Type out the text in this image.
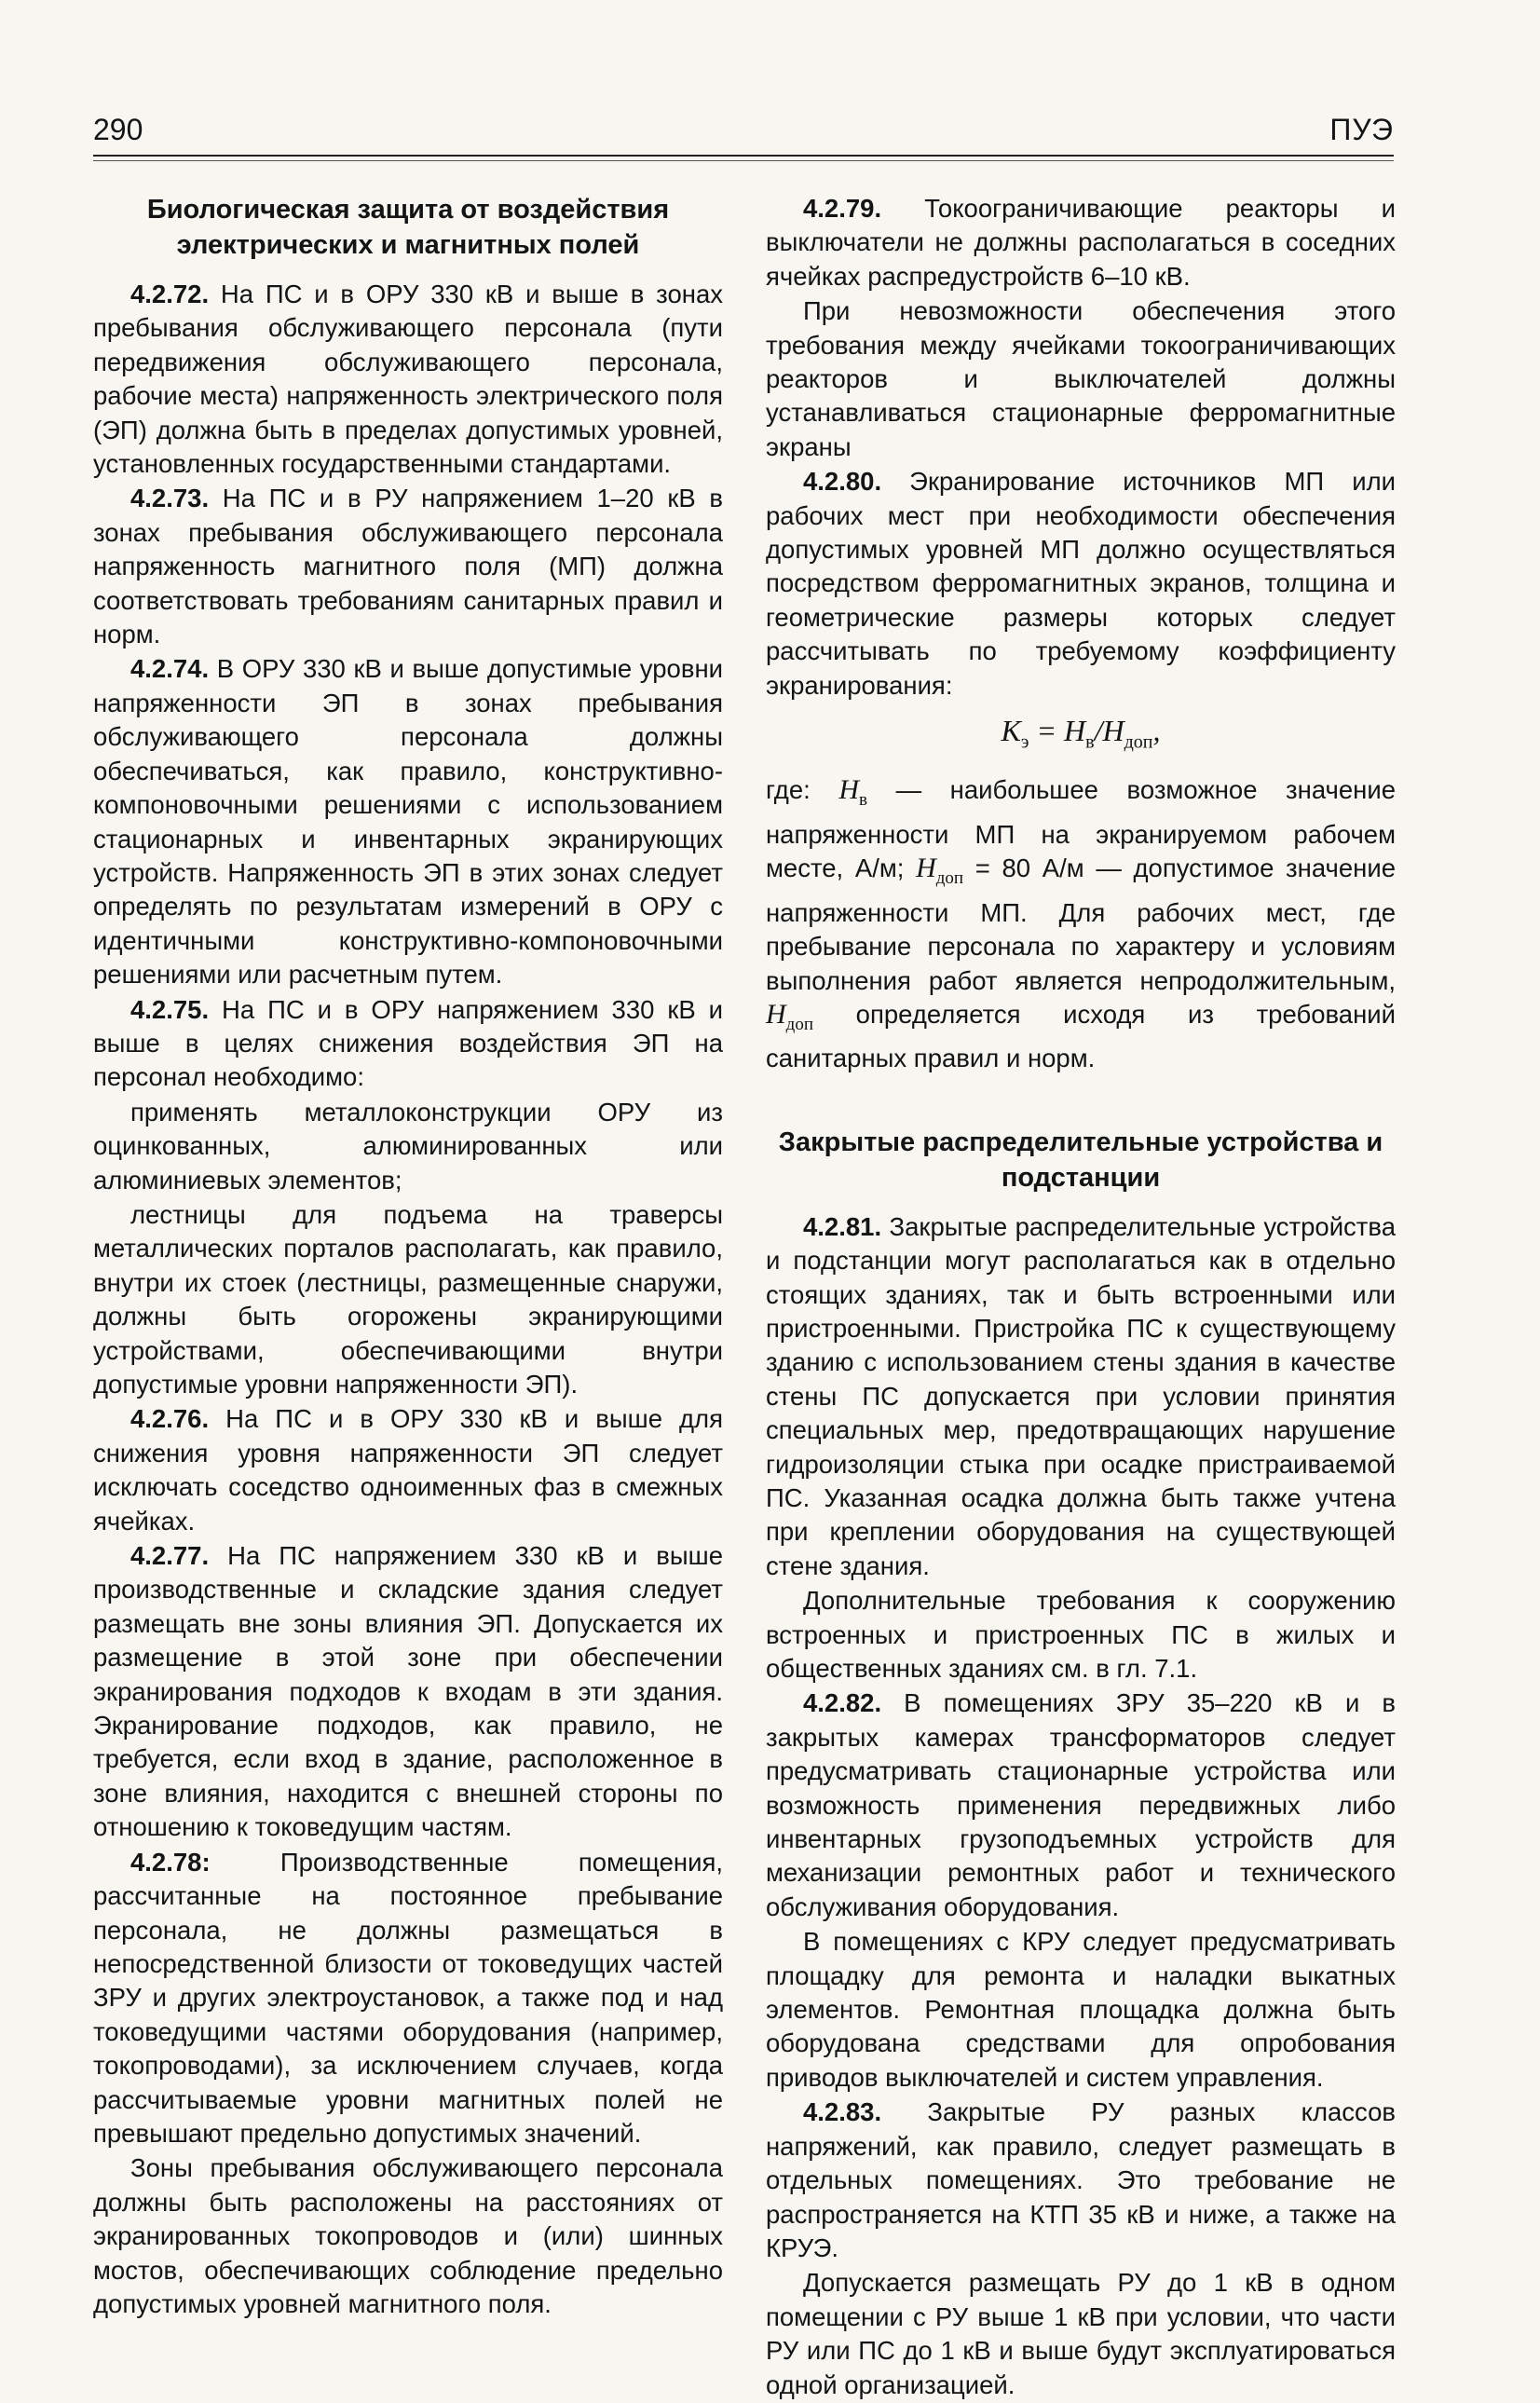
290	ПУЭ
Биологическая защита от воздействия электрических и магнитных полей

4.2.72. На ПС и в ОРУ 330 кВ и выше в зонах пребывания обслуживающего персонала (пути передвижения обслуживающего персонала, рабочие места) напряженность электрического поля (ЭП) должна быть в пределах допустимых уровней, установленных государственными стандартами.

4.2.73. На ПС и в РУ напряжением 1–20 кВ в зонах пребывания обслуживающего персонала напряженность магнитного поля (МП) должна соответствовать требованиям санитарных правил и норм.

4.2.74. В ОРУ 330 кВ и выше допустимые уровни напряженности ЭП в зонах пребывания обслуживающего персонала должны обеспечиваться, как правило, конструктивно-компоновочными решениями с использованием стационарных и инвентарных экранирующих устройств. Напряженность ЭП в этих зонах следует определять по результатам измерений в ОРУ с идентичными конструктивно-компоновочными решениями или расчетным путем.

4.2.75. На ПС и в ОРУ напряжением 330 кВ и выше в целях снижения воздействия ЭП на персонал необходимо:

применять металлоконструкции ОРУ из оцинкованных, алюминированных или алюминиевых элементов;

лестницы для подъема на траверсы металлических порталов располагать, как правило, внутри их стоек (лестницы, размещенные снаружи, должны быть огорожены экранирующими устройствами, обеспечивающими внутри допустимые уровни напряженности ЭП).

4.2.76. На ПС и в ОРУ 330 кВ и выше для снижения уровня напряженности ЭП следует исключать соседство одноименных фаз в смежных ячейках.

4.2.77. На ПС напряжением 330 кВ и выше производственные и складские здания следует размещать вне зоны влияния ЭП. Допускается их размещение в этой зоне при обеспечении экранирования подходов к входам в эти здания. Экранирование подходов, как правило, не требуется, если вход в здание, расположенное в зоне влияния, находится с внешней стороны по отношению к токоведущим частям.

4.2.78: Производственные помещения, рассчитанные на постоянное пребывание персонала, не должны размещаться в непосредственной близости от токоведущих частей ЗРУ и других электроустановок, а также под и над токоведущими частями оборудования (например, токопроводами), за исключением случаев, когда рассчитываемые уровни магнитных полей не превышают предельно допустимых значений.

Зоны пребывания обслуживающего персонала должны быть расположены на расстояниях от экранированных токопроводов и (или) шинных мостов, обеспечивающих соблюдение предельно допустимых уровней магнитного поля.

4.2.79. Токоограничивающие реакторы и выключатели не должны располагаться в соседних ячейках распредустройств 6–10 кВ.

При невозможности обеспечения этого требования между ячейками токоограничивающих реакторов и выключателей должны устанавливаться стационарные ферромагнитные экраны

4.2.80. Экранирование источников МП или рабочих мест при необходимости обеспечения допустимых уровней МП должно осуществляться посредством ферромагнитных экранов, толщина и геометрические размеры которых следует рассчитывать по требуемому коэффициенту экранирования:

$K_э = H_в/H_{доп}$,

где: $H_в$ — наибольшее возможное значение напряженности МП на экранируемом рабочем месте, А/м; $H_{доп} = 80$ А/м — допустимое значение напряженности МП. Для рабочих мест, где пребывание персонала по характеру и условиям выполнения работ является непродолжительным, $H_{доп}$ определяется исходя из требований санитарных правил и норм.

Закрытые распределительные устройства и подстанции

4.2.81. Закрытые распределительные устройства и подстанции могут располагаться как в отдельно стоящих зданиях, так и быть встроенными или пристроенными. Пристройка ПС к существующему зданию с использованием стены здания в качестве стены ПС допускается при условии принятия специальных мер, предотвращающих нарушение гидроизоляции стыка при осадке пристраиваемой ПС. Указанная осадка должна быть также учтена при креплении оборудования на существующей стене здания.

Дополнительные требования к сооружению встроенных и пристроенных ПС в жилых и общественных зданиях см. в гл. 7.1.

4.2.82. В помещениях ЗРУ 35–220 кВ и в закрытых камерах трансформаторов следует предусматривать стационарные устройства или возможность применения передвижных либо инвентарных грузоподъемных устройств для механизации ремонтных работ и технического обслуживания оборудования.

В помещениях с КРУ следует предусматривать площадку для ремонта и наладки выкатных элементов. Ремонтная площадка должна быть оборудована средствами для опробования приводов выключателей и систем управления.

4.2.83. Закрытые РУ разных классов напряжений, как правило, следует размещать в отдельных помещениях. Это требование не распространяется на КТП 35 кВ и ниже, а также на КРУЭ.

Допускается размещать РУ до 1 кВ в одном помещении с РУ выше 1 кВ при условии, что части РУ или ПС до 1 кВ и выше будут эксплуатироваться одной организацией.
